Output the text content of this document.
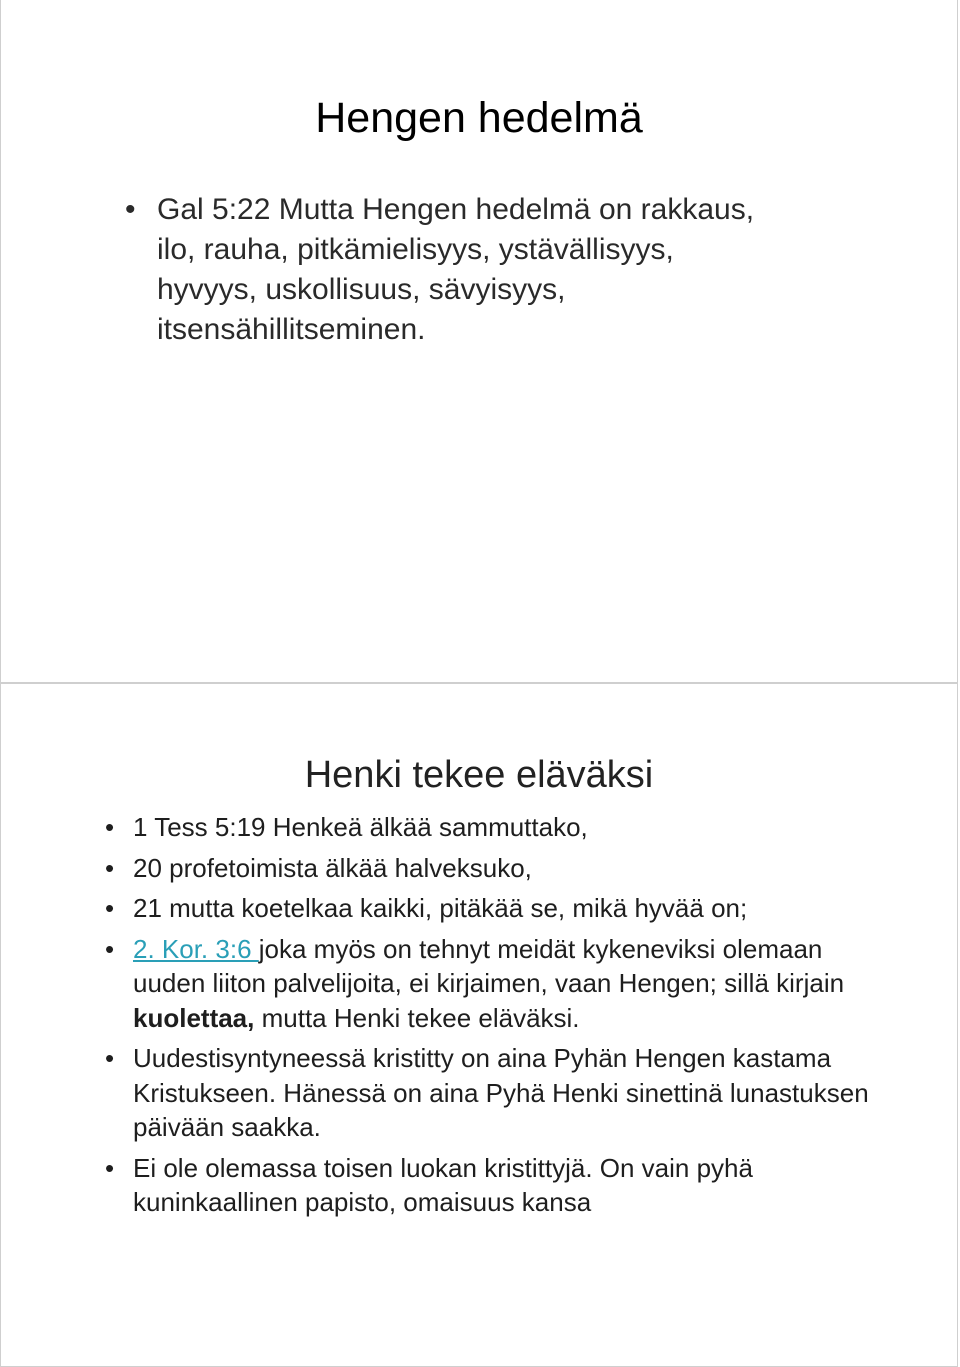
Hengen hedelmä
• Gal 5:22 Mutta Hengen hedelmä on rakkaus, ilo, rauha, pitkämielisyys, ystävällisyys, hyvyys, uskollisuus, sävyisyys, itsensähillitseminen.
Henki tekee eläväksi
• 1 Tess 5:19 Henkeä älkää sammuttako,
• 20 profetoimista älkää halveksuko,
• 21 mutta koetelkaa kaikki, pitäkää se, mikä hyvää on;
• 2. Kor. 3:6 joka myös on tehnyt meidät kykeneviksi olemaan uuden liiton palvelijoita, ei kirjaimen, vaan Hengen; sillä kirjain kuolettaa, mutta Henki tekee eläväksi.
• Uudestisyntyneessä kristitty on aina Pyhän Hengen kastama Kristukseen. Hänessä on aina Pyhä Henki sinettinä lunastuksen päivään saakka.
• Ei ole olemassa toisen luokan kristittyjä. On vain pyhä kuninkaallinen papisto, omaisuus kansa
